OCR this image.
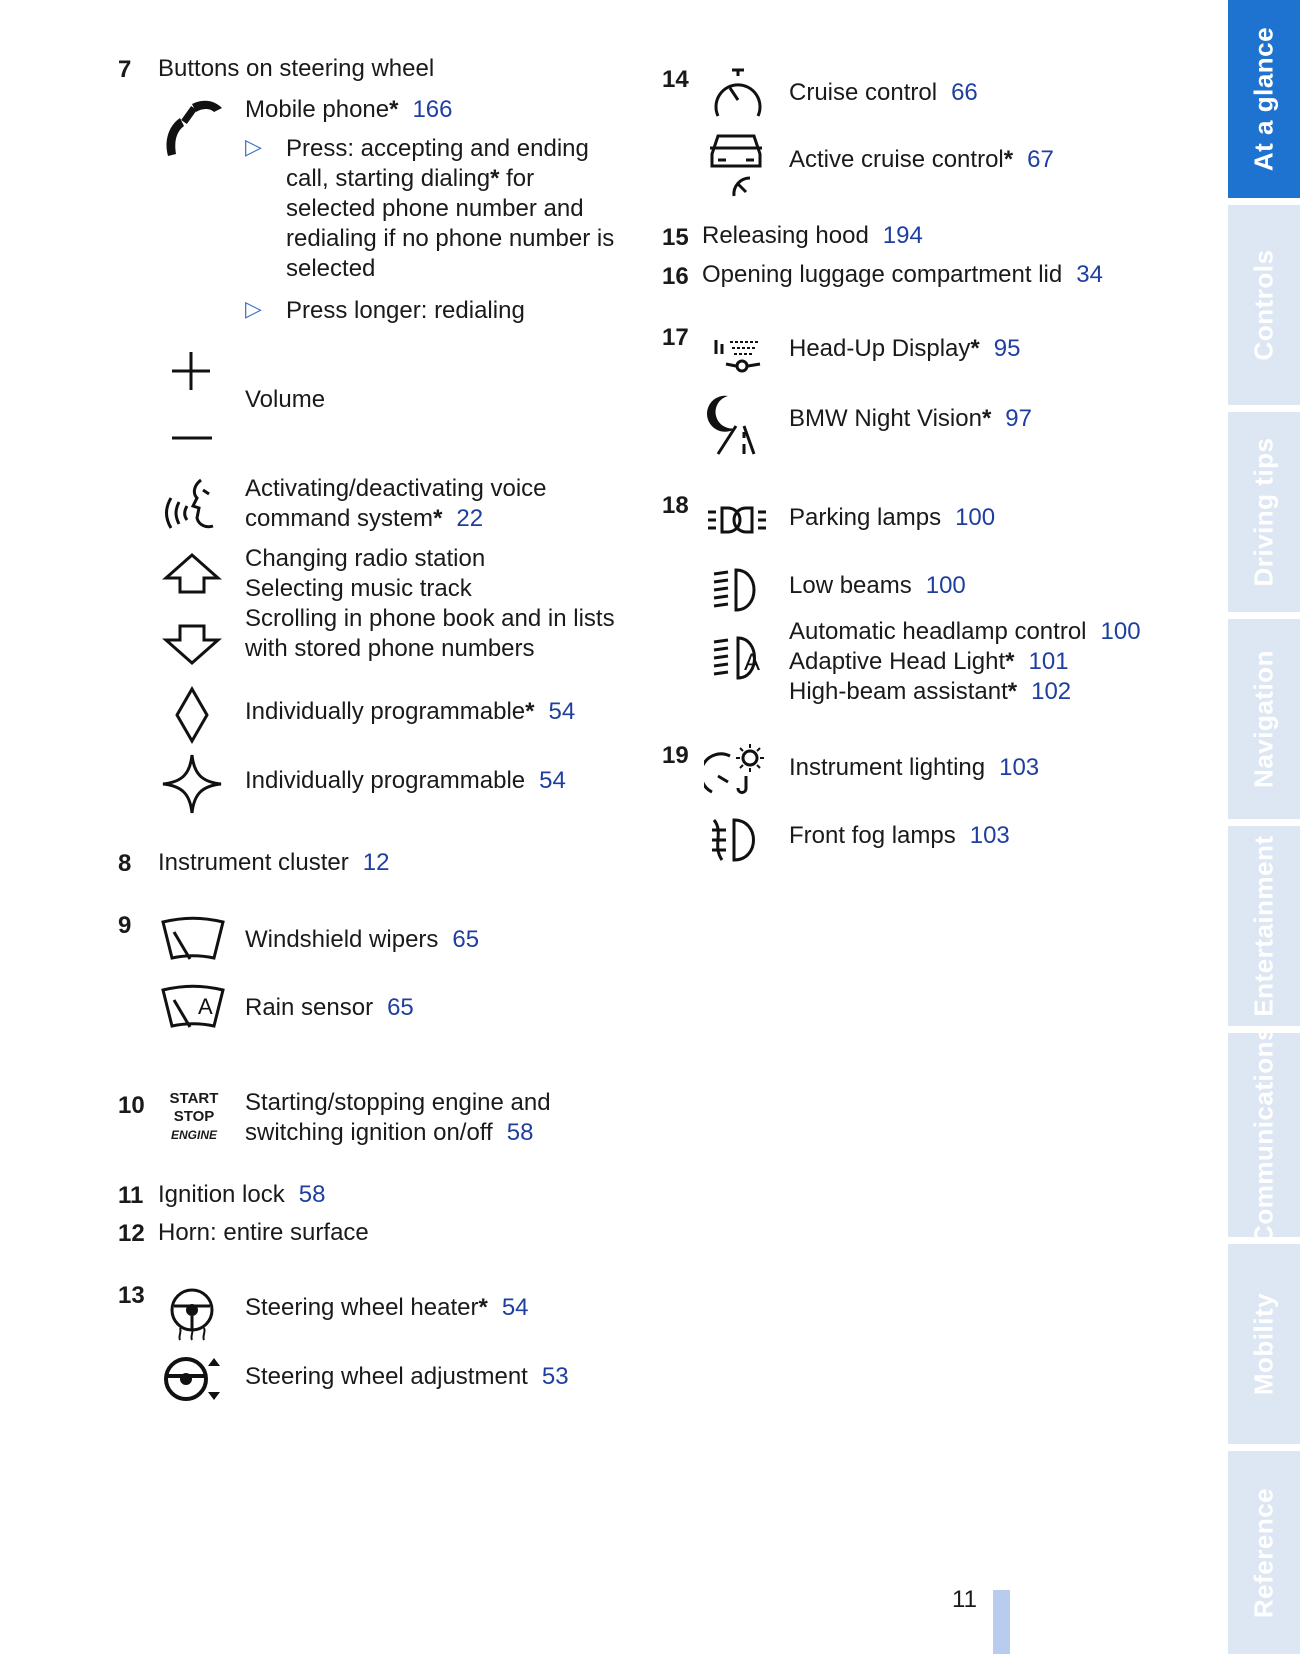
7 Buttons on steering wheel
Mobile phone* 166
▷ Press: accepting and ending
call, starting dialing* for
selected phone number and
redialing if no phone number is
selected
▷ Press longer: redialing
Volume
Activating/deactivating voice
command system* 22
Changing radio station
Selecting music track
Scrolling in phone book and in lists
with stored phone numbers
Individually programmable* 54
Individually programmable 54
8 Instrument cluster 12
9
Windshield wipers 65
A Rain sensor 65
10	START
STOP
ENGINE
Starting/stopping engine and
switching ignition on/off 58
11 Ignition lock 58
12 Horn: entire surface
13	Steering wheel heater* 54
Steering wheel adjustment 53
14	Cruise control 66
Active cruise control* 67
15 Releasing hood 194
16 Opening luggage compartment lid 34
17	Head-Up Display* 95
BMW Night Vision* 97
18	Parking lamps 100
Low beams 100
A
Automatic headlamp control 100
Adaptive Head Light* 101
High-beam assistant* 102
19	Instrument lighting 103
Front fog lamps 103
At a glance
Controls
Driving tips
Navigation
Entertainment
Communications
Mobility
Reference
11
